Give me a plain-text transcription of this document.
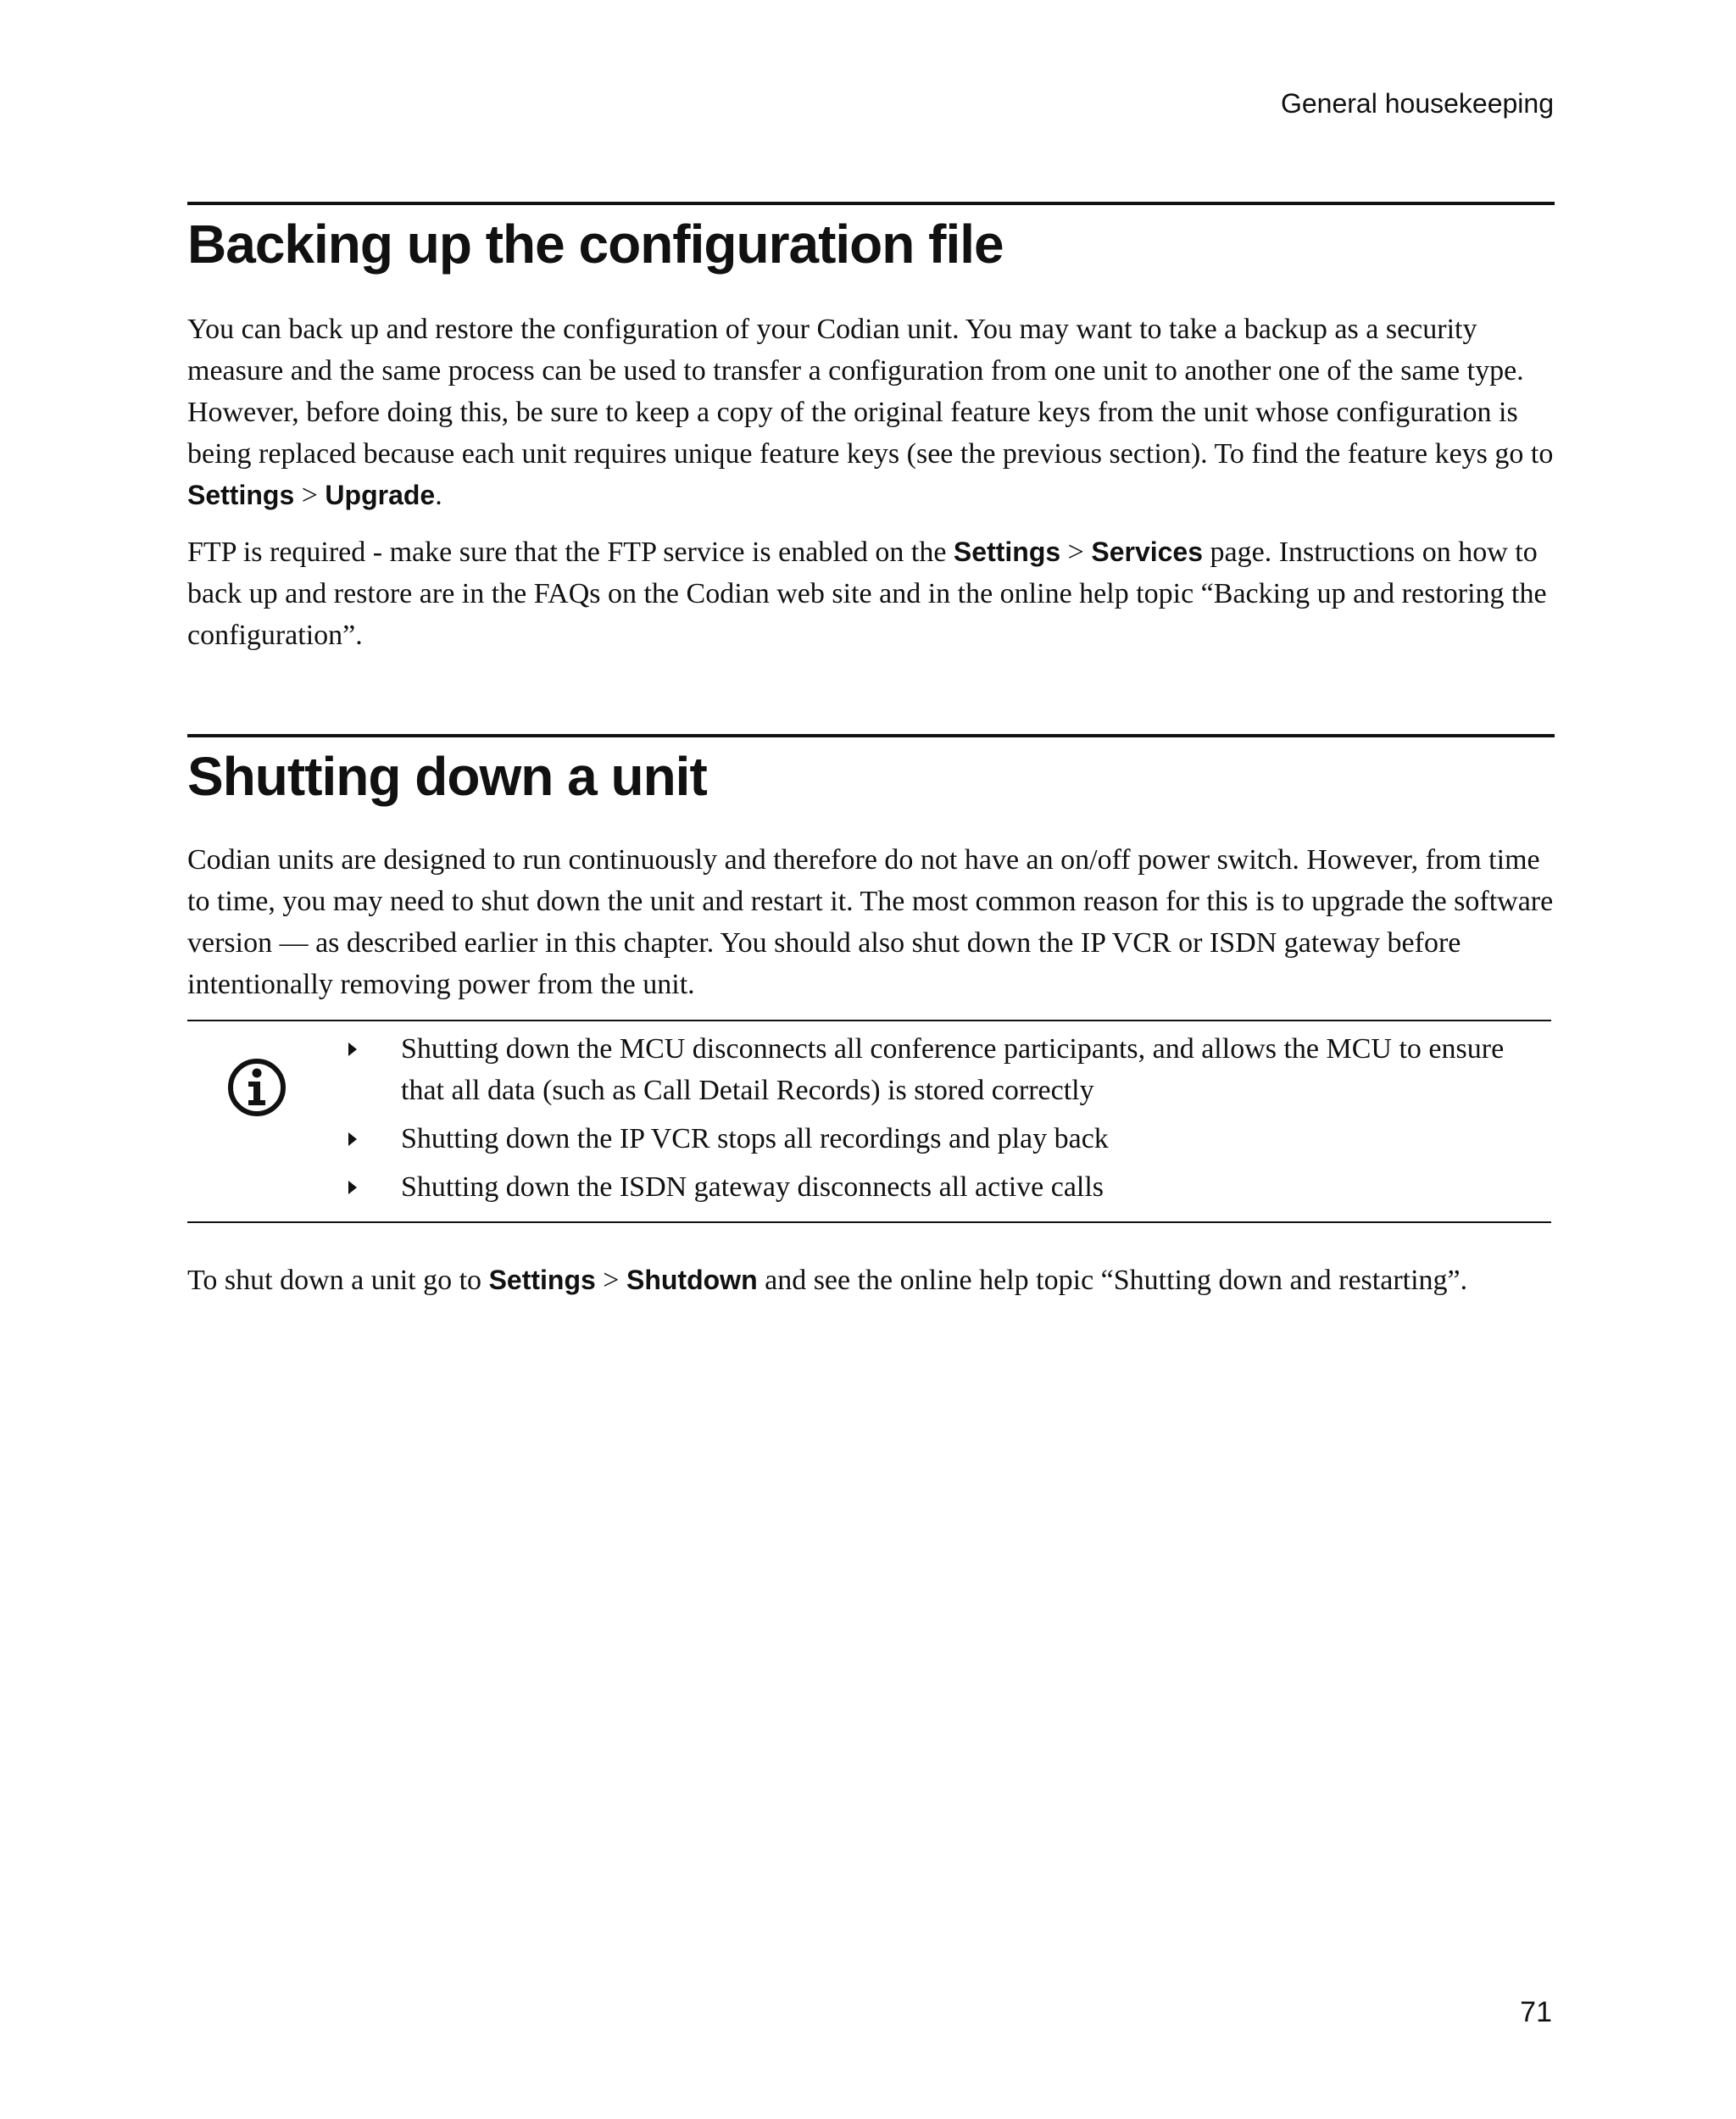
General housekeeping
Backing up the configuration file

You can back up and restore the configuration of your Codian unit. You may want to take a backup as a security measure and the same process can be used to transfer a configuration from one unit to another one of the same type. However, before doing this, be sure to keep a copy of the original feature keys from the unit whose configuration is being replaced because each unit requires unique feature keys (see the previous section). To find the feature keys go to Settings > Upgrade.

FTP is required - make sure that the FTP service is enabled on the Settings > Services page. Instructions on how to back up and restore are in the FAQs on the Codian web site and in the online help topic “Backing up and restoring the configuration”.

Shutting down a unit

Codian units are designed to run continuously and therefore do not have an on/off power switch. However, from time to time, you may need to shut down the unit and restart it. The most common reason for this is to upgrade the software version — as described earlier in this chapter. You should also shut down the IP VCR or ISDN gateway before intentionally removing power from the unit.

Shutting down the MCU disconnects all conference participants, and allows the MCU to ensure that all data (such as Call Detail Records) is stored correctly
Shutting down the IP VCR stops all recordings and play back
Shutting down the ISDN gateway disconnects all active calls

To shut down a unit go to Settings > Shutdown and see the online help topic “Shutting down and restarting”.

71
